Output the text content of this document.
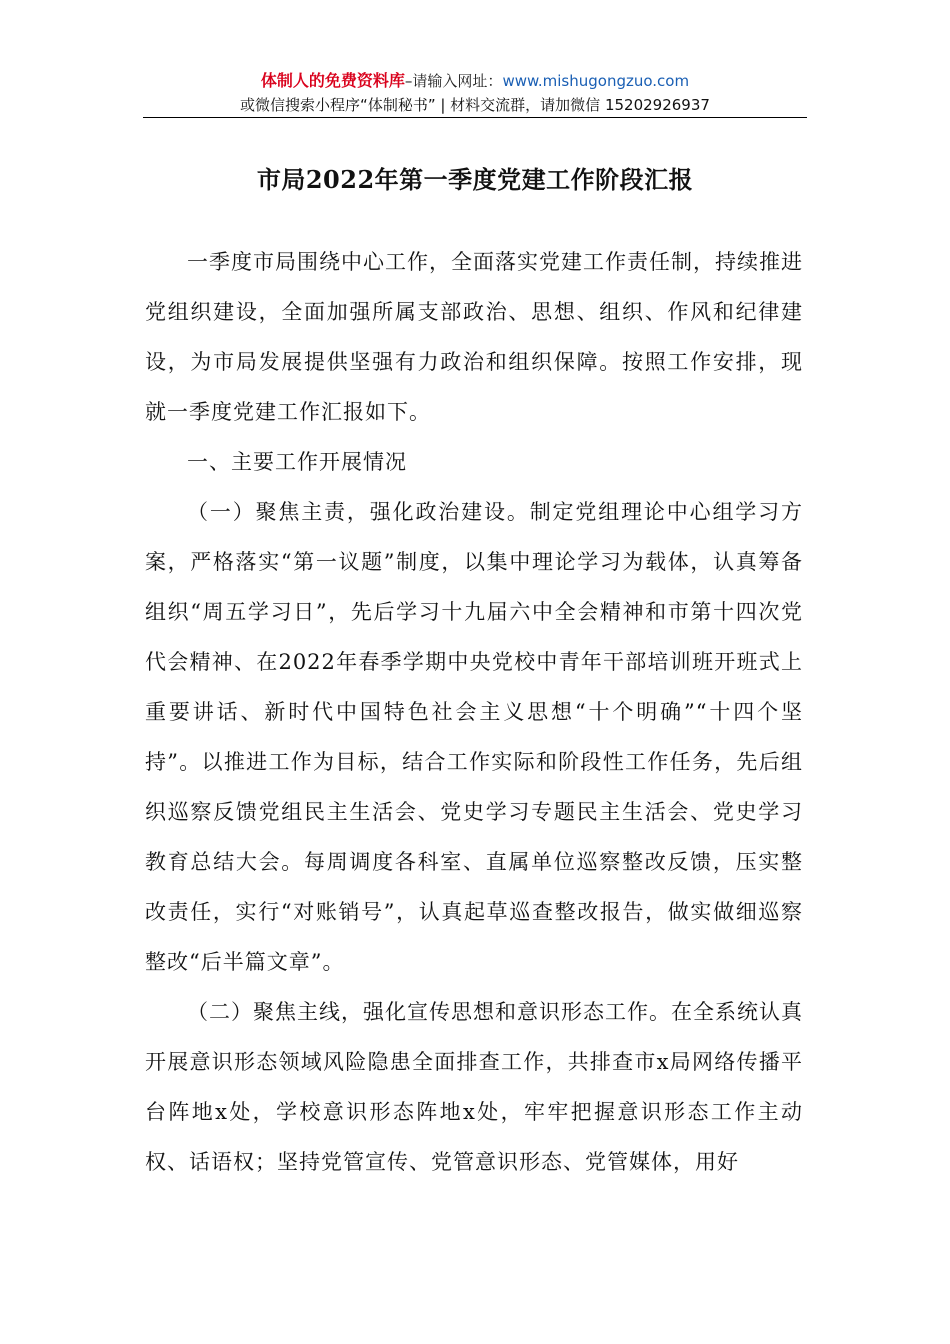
体制人的免费资料库–请输入网址：www.mishugongzuo.com
或微信搜索小程序“体制秘书” | 材料交流群，请加微信 15202926937
市局2022年第一季度党建工作阶段汇报

一季度市局围绕中心工作，全面落实党建工作责任制，持续推进党组织建设，全面加强所属支部政治、思想、组织、作风和纪律建设，为市局发展提供坚强有力政治和组织保障。按照工作安排，现就一季度党建工作汇报如下。

一、主要工作开展情况

（一）聚焦主责，强化政治建设。制定党组理论中心组学习方案，严格落实“第一议题”制度，以集中理论学习为载体，认真筹备组织“周五学习日”，先后学习十九届六中全会精神和市第十四次党代会精神、在2022年春季学期中央党校中青年干部培训班开班式上重要讲话、新时代中国特色社会主义思想“十个明确”“十四个坚持”。以推进工作为目标，结合工作实际和阶段性工作任务，先后组织巡察反馈党组民主生活会、党史学习专题民主生活会、党史学习教育总结大会。每周调度各科室、直属单位巡察整改反馈，压实整改责任，实行“对账销号”，认真起草巡查整改报告，做实做细巡察整改“后半篇文章”。

（二）聚焦主线，强化宣传思想和意识形态工作。在全系统认真开展意识形态领域风险隐患全面排查工作，共排查市x局网络传播平台阵地x处，学校意识形态阵地x处，牢牢把握意识形态工作主动权、话语权；坚持党管宣传、党管意识形态、党管媒体，用好
